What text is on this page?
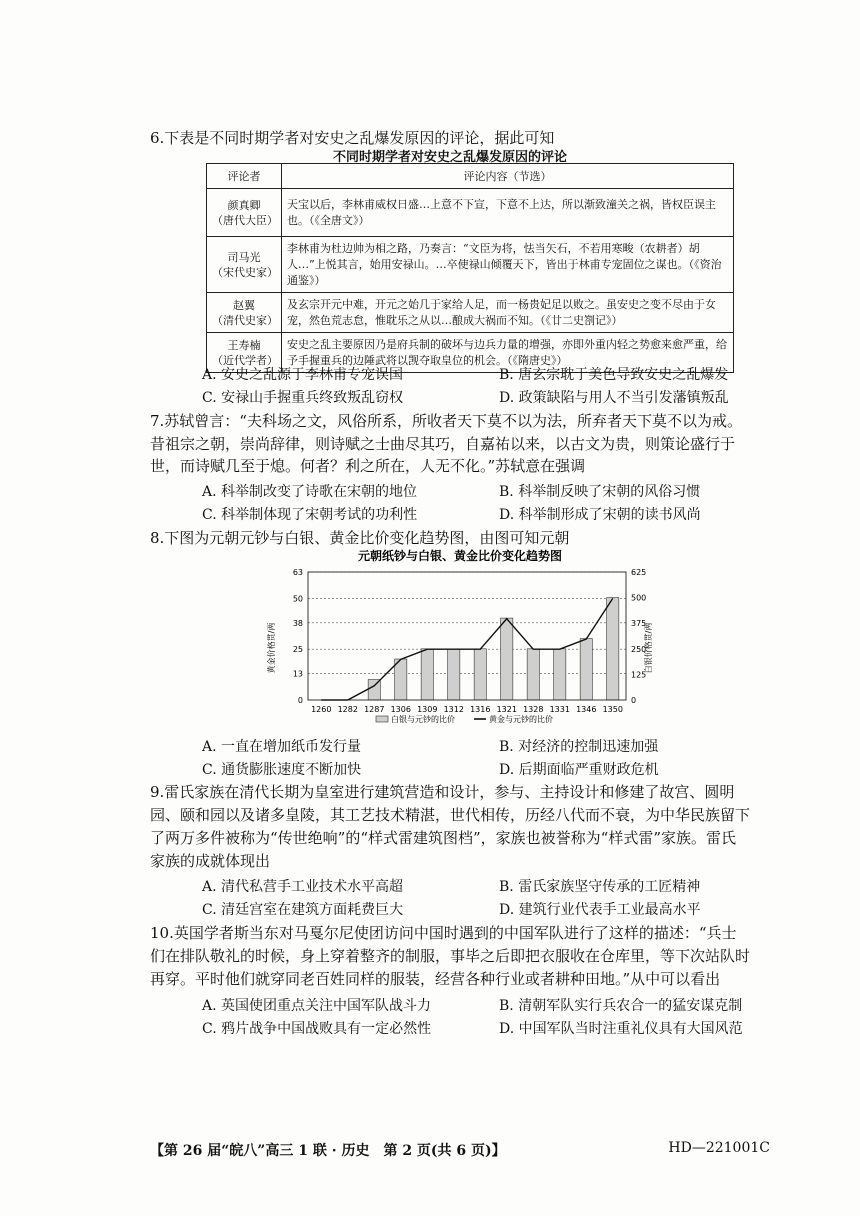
6.下表是不同时期学者对安史之乱爆发原因的评论，据此可知
不同时期学者对安史之乱爆发原因的评论
评论者	评论内容（节选）

颜真卿
（唐代大臣）	天宝以后，李林甫威权日盛…上意不下宣，下意不上达，所以渐致潼关之祸，皆权臣误主也。（《全唐文》）

司马光
（宋代史家）	李林甫为杜边帅为相之路，乃奏言：“文臣为将，怯当矢石，不若用寒畯（农耕者）胡人…”上悦其言，始用安禄山。…卒使禄山倾覆天下，皆出于林甫专宠固位之谋也。（《资治通鉴》）

赵翼
（清代史家）	及玄宗开元中难，开元之始几于家给人足，而一杨贵妃足以败之。虽安史之变不尽由于女宠，然色荒志怠，惟耽乐之从以…酿成大祸而不知。（《廿二史劄记》）

王寿楠
（近代学者）	安史之乱主要原因乃是府兵制的破坏与边兵力量的增强，亦即外重内轻之势愈来愈严重，给予手握重兵的边陲武将以觊夺取皇位的机会。（《隋唐史》）
A. 安史之乱源于李林甫专宠误国	B. 唐玄宗耽于美色导致安史之乱爆发
C. 安禄山手握重兵终致叛乱窃权	D. 政策缺陷与用人不当引发藩镇叛乱
7.苏轼曾言：“夫科场之文，风俗所系，所收者天下莫不以为法，所弃者天下莫不以为戒。昔祖宗之朝，崇尚辞律，则诗赋之士曲尽其巧，自嘉祐以来，以古文为贵，则策论盛行于世，而诗赋几至于熄。何者？利之所在，人无不化。”苏轼意在强调
A. 科举制改变了诗歌在宋朝的地位	B. 科举制反映了宋朝的风俗习惯
C. 科举制体现了宋朝考试的功利性	D. 科举制形成了宋朝的读书风尚
8.下图为元朝元钞与白银、黄金比价变化趋势图，由图可知元朝
元朝纸钞与白银、黄金比价变化趋势图
黄金价格贯/两	白银价格贯/两
0
13
25
38
50
63
0
125
250
375
500
625
1260 1282 1287 1306 1309 1312 1316 1321 1328 1331 1346 1350
白银与元钞的比价	黄金与元钞的比价
A. 一直在增加纸币发行量	B. 对经济的控制迅速加强
C. 通货膨胀速度不断加快	D. 后期面临严重财政危机
9.雷氏家族在清代长期为皇室进行建筑营造和设计，参与、主持设计和修建了故宫、圆明园、颐和园以及诸多皇陵，其工艺技术精湛，世代相传，历经八代而不衰，为中华民族留下了两万多件被称为“传世绝响”的“样式雷建筑图档”，家族也被誉称为“样式雷”家族。雷氏家族的成就体现出
A. 清代私营手工业技术水平高超	B. 雷氏家族坚守传承的工匠精神
C. 清廷宫室在建筑方面耗费巨大	D. 建筑行业代表手工业最高水平
10.英国学者斯当东对马戛尔尼使团访问中国时遇到的中国军队进行了这样的描述：“兵士们在排队敬礼的时候，身上穿着整齐的制服，事毕之后即把衣服收在仓库里，等下次站队时再穿。平时他们就穿同老百姓同样的服装，经营各种行业或者耕种田地。”从中可以看出
A. 英国使团重点关注中国军队战斗力	B. 清朝军队实行兵农合一的猛安谋克制
C. 鸦片战争中国战败具有一定必然性	D. 中国军队当时注重礼仪具有大国风范
【第 26 届“皖八”高三 1 联 · 历史　第 2 页(共 6 页)】	HD—221001C
